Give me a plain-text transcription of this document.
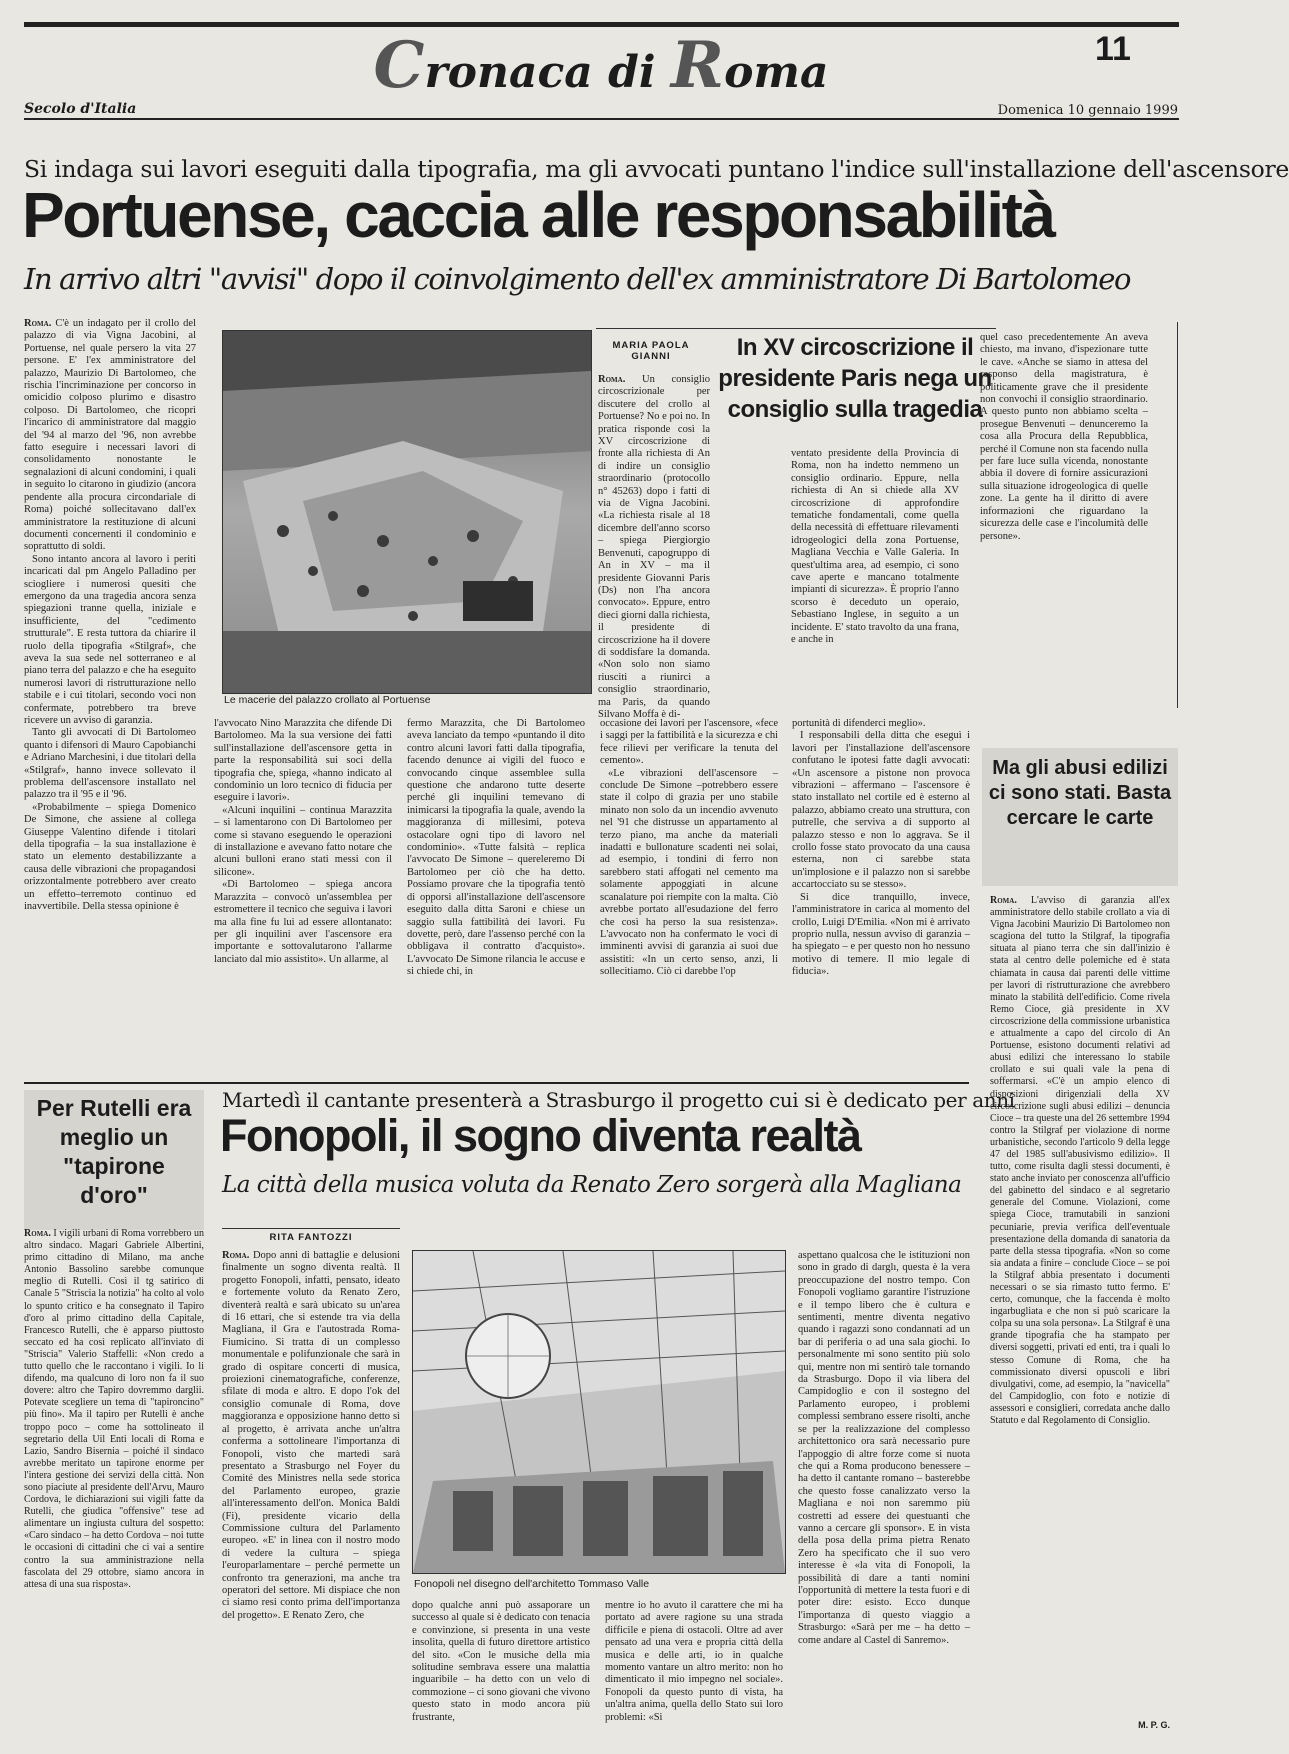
Cronaca di Roma	11
Secolo d'Italia	Domenica 10 gennaio 1999
Si indaga sui lavori eseguiti dalla tipografia, ma gli avvocati puntano l'indice sull'installazione dell'ascensore
Portuense, caccia alle responsabilità
In arrivo altri "avvisi" dopo il coinvolgimento dell'ex amministratore Di Bartolomeo

Roma. C'è un indagato per il crollo del palazzo di via Vigna Jacobini, al Portuense, nel quale persero la vita 27 persone. E' l'ex amministratore del palazzo, Maurizio Di Bartolomeo, che rischia l'incriminazione per concorso in omicidio colposo plurimo e disastro colposo. Di Bartolomeo, che ricoprì l'incarico di amministratore dal maggio del '94 al marzo del '96, non avrebbe fatto eseguire i necessari lavori di consolidamento nonostante le segnalazioni di alcuni condomini, i quali in seguito lo citarono in giudizio (ancora pendente alla procura circondariale di Roma) poiché sollecitavano dall'ex amministratore la restituzione di alcuni documenti concernenti il condominio e soprattutto di soldi.

Sono intanto ancora al lavoro i periti incaricati dal pm Angelo Palladino per sciogliere i numerosi quesiti che emergono da una tragedia ancora senza spiegazioni tranne quella, iniziale e insufficiente, del "cedimento strutturale". E resta tuttora da chiarire il ruolo della tipografia «Stilgraf», che aveva la sua sede nel sotterraneo e al piano terra del palazzo e che ha eseguito numerosi lavori di ristrutturazione nello stabile e i cui titolari, secondo voci non confermate, potrebbero tra breve ricevere un avviso di garanzia.

Tanto gli avvocati di Di Bartolomeo quanto i difensori di Mauro Capobianchi e Adriano Marchesini, i due titolari della «Stilgraf», hanno invece sollevato il problema dell'ascensore installato nel palazzo tra il '95 e il '96.

«Probabilmente – spiega Domenico De Simone, che assiene al collega Giuseppe Valentino difende i titolari della tipografia – la sua installazione è stato un elemento destabilizzante a causa delle vibrazioni che propagandosi orizzontalmente potrebbero aver creato un effetto–terremoto continuo ed inavvertibile. Della stessa opinione è

Le macerie del palazzo crollato al Portuense
MARIA PAOLA
GIANNI	In XV circoscrizione il presidente Paris nega un consiglio sulla tragedia

Roma. Un consiglio circoscrizionale per discutere del crollo al Portuense? No e poi no. In pratica risponde così la XV circoscrizione di fronte alla richiesta di An di indire un consiglio straordinario (protocollo n° 45263) dopo i fatti di via de Vigna Jacobini. «La richiesta risale al 18 dicembre dell'anno scorso – spiega Piergiorgio Benvenuti, capogruppo di An in XV – ma il presidente Giovanni Paris (Ds) non l'ha ancora convocato». Eppure, entro dieci giorni dalla richiesta, il presidente di circoscrizione ha il dovere di soddisfare la domanda. «Non solo non siamo riusciti a riunirci a consiglio straordinario, ma Paris, da quando Silvano Moffa è di-

ventato presidente della Provincia di Roma, non ha indetto nemmeno un consiglio ordinario. Eppure, nella richiesta di An si chiede alla XV circoscrizione di approfondire tematiche fondamentali, come quella della necessità di effettuare rilevamenti idrogeologici della zona Portuense, Magliana Vecchia e Valle Galeria. In quest'ultima area, ad esempio, ci sono cave aperte e mancano totalmente impianti di sicurezza». È proprio l'anno scorso è deceduto un operaio, Sebastiano Inglese, in seguito a un incidente. E' stato travolto da una frana, e anche in

quel caso precedentemente An aveva chiesto, ma invano, d'ispezionare tutte le cave. «Anche se siamo in attesa del responso della magistratura, è politicamente grave che il presidente non convochi il consiglio straordinario. A questo punto non abbiamo scelta – prosegue Benvenuti – denunceremo la cosa alla Procura della Repubblica, perché il Comune non sta facendo nulla per fare luce sulla vicenda, nonostante abbia il dovere di fornire assicurazioni sulla situazione idrogeologica di quelle zone. La gente ha il diritto di avere informazioni che riguardano la sicurezza delle case e l'incolumità delle persone».

l'avvocato Nino Marazzita che difende Di Bartolomeo. Ma la sua versione dei fatti sull'installazione dell'ascensore getta in parte la responsabilità sui soci della tipografia che, spiega, «hanno indicato al condominio un loro tecnico di fiducia per eseguire i lavori».

«Alcuni inquilini – continua Marazzita – si lamentarono con Di Bartolomeo per come si stavano eseguendo le operazioni di installazione e avevano fatto notare che alcuni bulloni erano stati messi con il silicone».

«Di Bartolomeo – spiega ancora Marazzita – convocò un'assemblea per estromettere il tecnico che seguiva i lavori ma alla fine fu lui ad essere allontanato: per gli inquilini aver l'ascensore era importante e sottovalutarono l'allarme lanciato dal mio assistito». Un allarme, al

fermo Marazzita, che Di Bartolomeo aveva lanciato da tempo «puntando il dito contro alcuni lavori fatti dalla tipografia, facendo denunce ai vigili del fuoco e convocando cinque assemblee sulla questione che andarono tutte deserte perché gli inquilini temevano di inimicarsi la tipografia la quale, avendo la maggioranza di millesimi, poteva ostacolare ogni tipo di lavoro nel condominio». «Tutte falsità – replica l'avvocato De Simone – quereleremo Di Bartolomeo per ciò che ha detto. Possiamo provare che la tipografia tentò di opporsi all'installazione dell'ascensore eseguito dalla ditta Saroni e chiese un saggio sulla fattibilità dei lavori. Fu dovette, però, dare l'assenso perché con la obbligava il contratto d'acquisto». L'avvocato De Simone rilancia le accuse e si chiede chi, in

occasione dei lavori per l'ascensore, «fece i saggi per la fattibilità e la sicurezza e chi fece rilievi per verificare la tenuta del cemento».

«Le vibrazioni dell'ascensore – conclude De Simone –potrebbero essere state il colpo di grazia per uno stabile minato non solo da un incendio avvenuto nel '91 che distrusse un appartamento al terzo piano, ma anche da materiali inadatti e bullonature scadenti nei solai, ad esempio, i tondini di ferro non sarebbero stati affogati nel cemento ma solamente appoggiati in alcune scanalature poi riempite con la malta. Ciò avrebbe portato all'esudazione del ferro che così ha perso la sua resistenza». L'avvocato non ha confermato le voci di imminenti avvisi di garanzia ai suoi due assistiti: «In un certo senso, anzi, li sollecitiamo. Ciò ci darebbe l'op

portunità di difenderci meglio».

I responsabili della ditta che eseguì i lavori per l'installazione dell'ascensore confutano le ipotesi fatte dagli avvocati: «Un ascensore a pistone non provoca vibrazioni – affermano – l'ascensore è stato installato nel cortile ed è esterno al palazzo, abbiamo creato una struttura, con putrelle, che serviva a di supporto al palazzo stesso e non lo aggrava. Se il crollo fosse stato provocato da una causa esterna, non ci sarebbe stata un'implosione e il palazzo non si sarebbe accartocciato su se stesso».

Si dice tranquillo, invece, l'amministratore in carica al momento del crollo, Luigi D'Emilia. «Non mi è arrivato proprio nulla, nessun avviso di garanzia – ha spiegato – e per questo non ho nessuno motivo di temere. Il mio legale di fiducia».

Ma gli abusi edilizi ci sono stati. Basta cercare le carte

Roma. L'avviso di garanzia all'ex amministratore dello stabile crollato a via di Vigna Jacobini Maurizio Di Bartolomeo non scagiona del tutto la Stilgraf, la tipografia situata al piano terra che sin dall'inizio è stata al centro delle polemiche ed è stata chiamata in causa dai parenti delle vittime per lavori di ristrutturazione che avrebbero minato la stabilità dell'edificio. Come rivela Remo Cioce, già presidente in XV circoscrizione della commissione urbanistica e attualmente a capo del circolo di An Portuense, esistono documenti relativi ad abusi edilizi che interessano lo stabile crollato e sui quali vale la pena di soffermarsi. «C'è un ampio elenco di disposizioni dirigenziali della XV circoscrizione sugli abusi edilizi – denuncia Cioce – tra queste una del 26 settembre 1994 contro la Stilgraf per violazione di norme urbanistiche, secondo l'articolo 9 della legge 47 del 1985 sull'abusivismo edilizio». Il tutto, come risulta dagli stessi documenti, è stato anche inviato per conoscenza all'ufficio del gabinetto del sindaco e al segretario generale del Comune. Violazioni, come spiega Cioce, tramutabili in sanzioni pecuniarie, previa verifica dell'eventuale presentazione della domanda di sanatoria da parte della stessa tipografia. «Non so come sia andata a finire – conclude Cioce – se poi la Stilgraf abbia presentato i documenti necessari o se sia rimasto tutto fermo. E' certo, comunque, che la faccenda è molto ingarbugliata e che non si può scaricare la colpa su una sola persona». La Stilgraf è una grande tipografia che ha stampato per diversi soggetti, privati ed enti, tra i quali lo stesso Comune di Roma, che ha commissionato diversi opuscoli e libri divulgativi, come, ad esempio, la "navicella" del Campidoglio, con foto e notizie di assessori e consiglieri, corredata anche dallo Statuto e dal Regolamento di Consiglio.

M. P. G.
Per Rutelli era meglio un "tapirone d'oro"

Roma. I vigili urbani di Roma vorrebbero un altro sindaco. Magari Gabriele Albertini, primo cittadino di Milano, ma anche Antonio Bassolino sarebbe comunque meglio di Rutelli. Così il tg satirico di Canale 5 "Striscia la notizia" ha colto al volo lo spunto critico e ha consegnato il Tapiro d'oro al primo cittadino della Capitale, Francesco Rutelli, che è apparso piuttosto seccato ed ha così replicato all'inviato di "Striscia" Valerio Staffelli: «Non credo a tutto quello che le raccontano i vigili. Io li difendo, ma qualcuno di loro non fa il suo dovere: altro che Tapiro dovremmo darglii. Potevate scegliere un tema di "tapironcino" più fino». Ma il tapiro per Rutelli è anche troppo poco – come ha sottolineato il segretario della Uil Enti locali di Roma e Lazio, Sandro Bisernia – poiché il sindaco avrebbe meritato un tapirone enorme per l'intera gestione dei servizi della città. Non sono piaciute al presidente dell'Arvu, Mauro Cordova, le dichiarazioni sui vigili fatte da Rutelli, che giudica "offensive" tese ad alimentare un ingiusta cultura del sospetto: «Caro sindaco – ha detto Cordova – noi tutte le occasioni di cittadini che ci vai a sentire contro la sua amministrazione nella fascolata del 29 ottobre, siamo ancora in attesa di una sua risposta».

Martedì il cantante presenterà a Strasburgo il progetto cui si è dedicato per anni
Fonopoli, il sogno diventa realtà
La città della musica voluta da Renato Zero sorgerà alla Magliana
RITA FANTOZZI

Roma. Dopo anni di battaglie e delusioni finalmente un sogno diventa realtà. Il progetto Fonopoli, infatti, pensato, ideato e fortemente voluto da Renato Zero, diventerà realtà e sarà ubicato su un'area di 16 ettari, che si estende tra via della Magliana, il Gra e l'autostrada Roma-Fiumicino. Si tratta di un complesso monumentale e polifunzionale che sarà in grado di ospitare concerti di musica, proiezioni cinematografiche, conferenze, sfilate di moda e altro. E dopo l'ok del consiglio comunale di Roma, dove maggioranza e opposizione hanno detto sì al progetto, è arrivata anche un'altra conferma a sottolineare l'importanza di Fonopoli, visto che martedì sarà presentato a Strasburgo nel Foyer du Comité des Ministres nella sede storica del Parlamento europeo, grazie all'interessamento dell'on. Monica Baldi (Fi), presidente vicario della Commissione cultura del Parlamento europeo. «E' in linea con il nostro modo di vedere la cultura – spiega l'europarlamentare – perché permette un confronto tra generazioni, ma anche tra operatori del settore. Mi dispiace che non ci siamo resi conto prima dell'importanza del progetto». E Renato Zero, che

Fonopoli nel disegno dell'architetto Tommaso Valle

dopo qualche anni può assaporare un successo al quale si è dedicato con tenacia e convinzione, si presenta in una veste insolita, quella di futuro direttore artistico del sito. «Con le musiche della mia solitudine sembrava essere una malattia inguaribile – ha detto con un velo di commozione – ci sono giovani che vivono questo stato in modo ancora più frustrante,

mentre io ho avuto il carattere che mi ha portato ad avere ragione su una strada difficile e piena di ostacoli. Oltre ad aver pensato ad una vera e propria città della musica e delle arti, io in qualche momento vantare un altro merito: non ho dimenticato il mio impegno nel sociale». Fonopoli da questo punto di vista, ha un'altra anima, quella dello Stato sui loro problemi: «Si

aspettano qualcosa che le istituzioni non sono in grado di darglı, questa è la vera preoccupazione del nostro tempo. Con Fonopoli vogliamo garantire l'istruzione e il tempo libero che è cultura e sentimenti, mentre diventa negativo quando i ragazzi sono condannati ad un bar di periferia o ad una sala giochi. Io personalmente mi sono sentito più solo qui, mentre non mi sentirò tale tornando da Strasburgo. Dopo il via libera del Campidoglio e con il sostegno del Parlamento europeo, i problemi complessi sembrano essere risolti, anche se per la realizzazione del complesso architettonico ora sarà necessario pure l'appoggio di altre forze come si nuota che qui a Roma producono benessere – ha detto il cantante romano – basterebbe che questo fosse canalizzato verso la Magliana e noi non saremmo più costretti ad essere dei questuanti che vanno a cercare gli sponsor». E in vista della posa della prima pietra Renato Zero ha specificato che il suo vero interesse è «la vita di Fonopoli, la possibilità di dare a tanti nomini l'opportunità di mettere la testa fuori e di poter dire: esisto. Ecco dunque l'importanza di questo viaggio a Strasburgo: «Sarà per me – ha detto –come andare al Castel di Sanremo».
